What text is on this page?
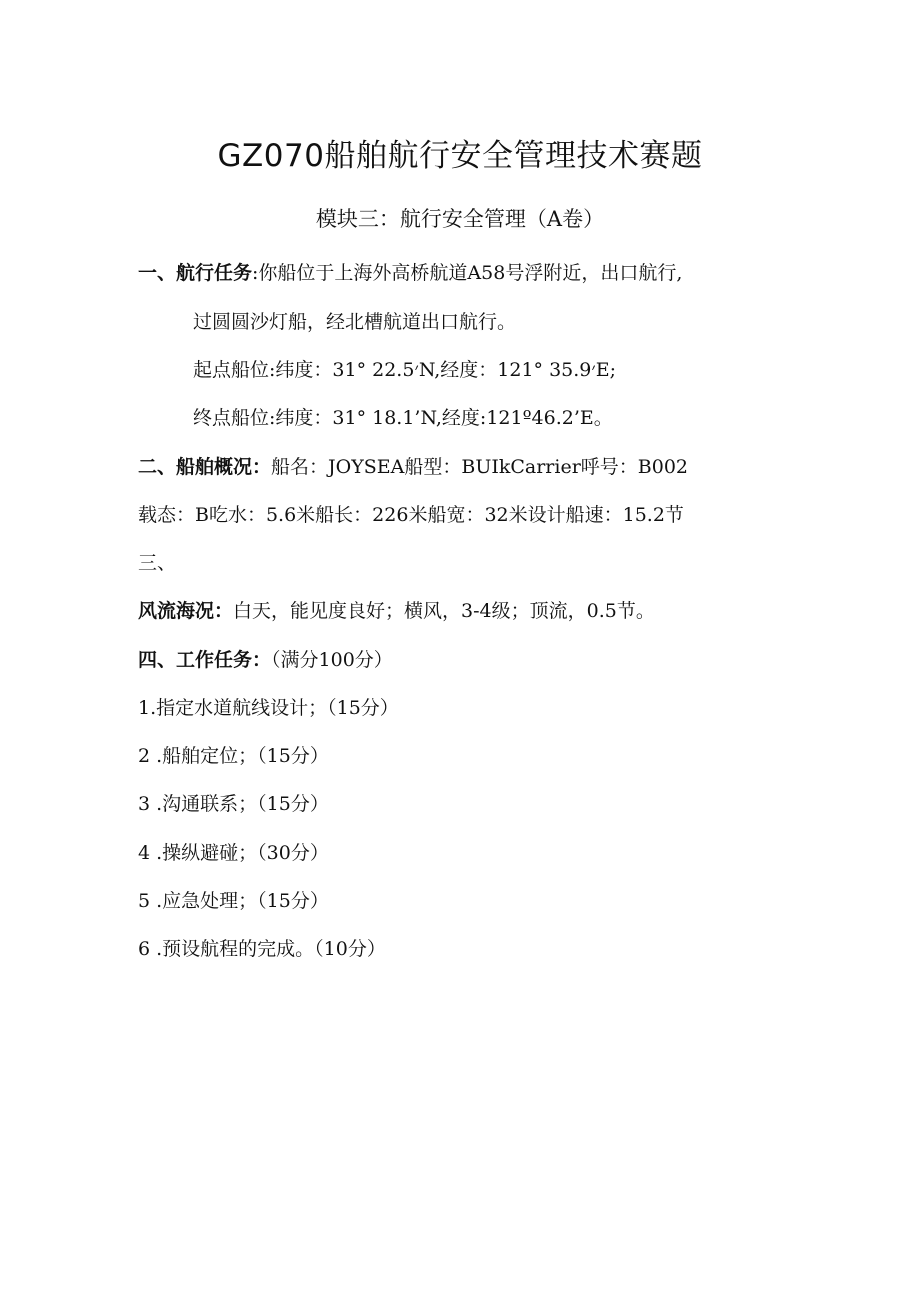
GZ070船舶航行安全管理技术赛题

模块三：航行安全管理（A卷）

一、航行任务:你船位于上海外高桥航道A58号浮附近，出口航行,

过圆圆沙灯船，经北槽航道出口航行。

起点船位:纬度：31° 22.5׳N,经度：121° 35.9׳E;

终点船位:纬度：31° 18.1’N,经度:121º46.2’E。

二、船舶概况：船名：JOYSEA船型：BUIkCarrier呼号：B002

载态：B吃水：5.6米船长：226米船宽：32米设计船速：15.2节

三、

风流海况：白天，能见度良好；横风，3-4级；顶流，0.5节。

四、工作任务：（满分100分）

1.指定水道航线设计；（15分）

2 .船舶定位；（15分）

3 .沟通联系；（15分）

4 .操纵避碰；（30分）

5 .应急处理；（15分）

6 .预设航程的完成。（10分）
